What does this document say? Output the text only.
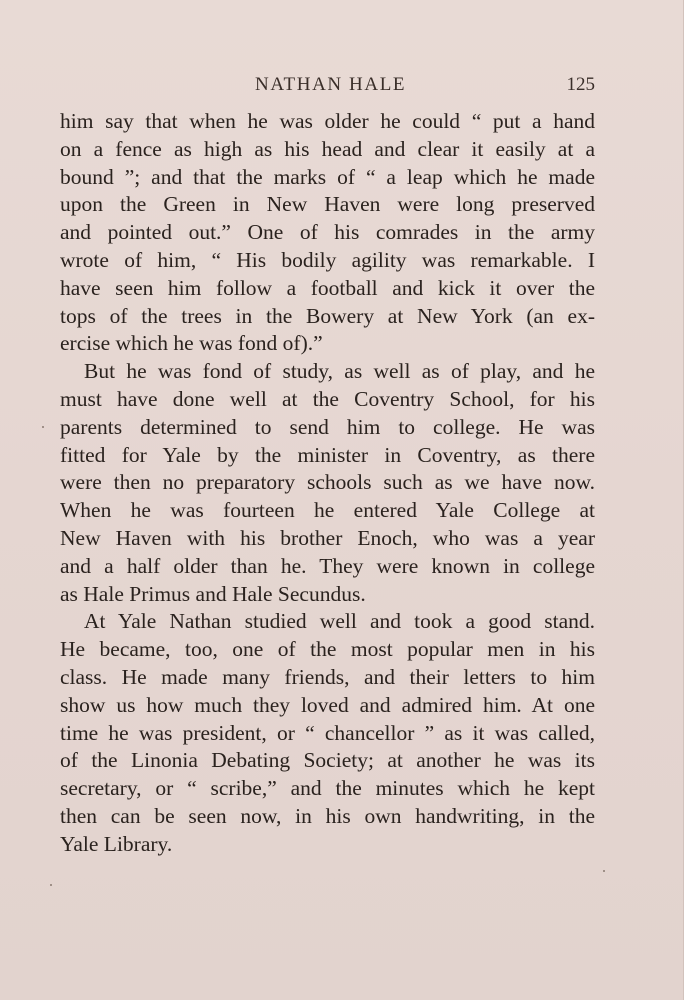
NATHAN HALE	125
him say that when he was older he could “ put a hand
on a fence as high as his head and clear it easily at a
bound ”; and that the marks of “ a leap which he made
upon the Green in New Haven were long preserved
and pointed out.” One of his comrades in the army
wrote of him, “ His bodily agility was remarkable. I
have seen him follow a football and kick it over the
tops of the trees in the Bowery at New York (an ex-
ercise which he was fond of).”
But he was fond of study, as well as of play, and he
must have done well at the Coventry School, for his
parents determined to send him to college. He was
fitted for Yale by the minister in Coventry, as there
were then no preparatory schools such as we have now.
When he was fourteen he entered Yale College at
New Haven with his brother Enoch, who was a year
and a half older than he. They were known in college
as Hale Primus and Hale Secundus.
At Yale Nathan studied well and took a good stand.
He became, too, one of the most popular men in his
class. He made many friends, and their letters to him
show us how much they loved and admired him. At one
time he was president, or “ chancellor ” as it was called,
of the Linonia Debating Society; at another he was its
secretary, or “ scribe,” and the minutes which he kept
then can be seen now, in his own handwriting, in the
Yale Library.
